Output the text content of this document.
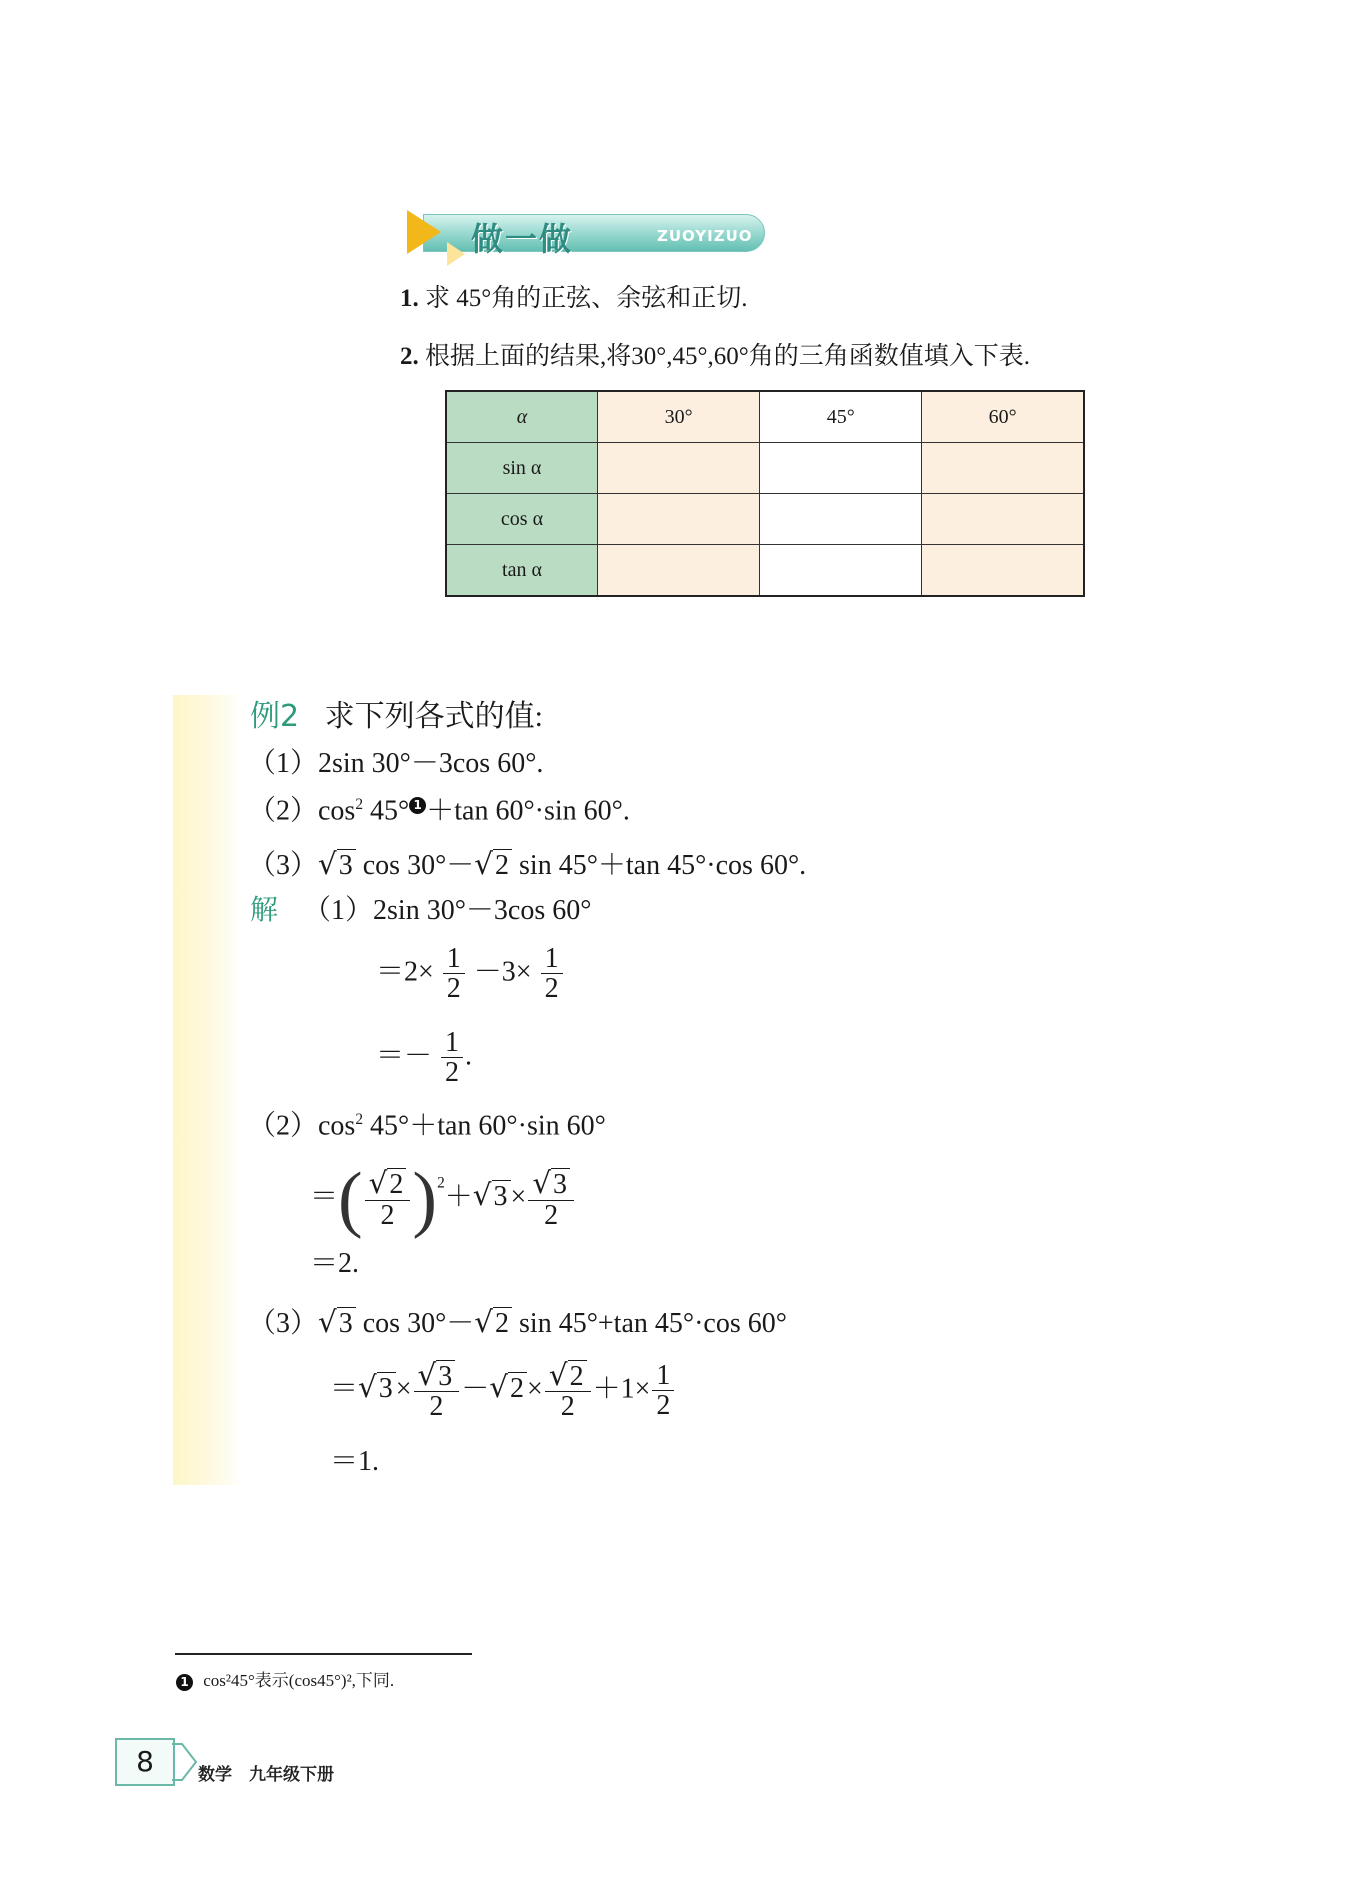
做一做	ZUOYIZUO
1. 求 45°角的正弦、余弦和正切.
2. 根据上面的结果,将30°,45°,60°角的三角函数值填入下表.
α	30°	45°	60°
sin α			
cos α			
tan α			
例2 求下列各式的值:
（1）2sin 30°－3cos 60°.
$(2)\cos^2$ 45° 1 ＋tan 60°·sin 60°.
（3）√3 cos 30°－√2 sin 45°＋tan 45°·cos 60°.
解 （1）2sin 30°－3cos 60°
$=2\times \frac{1}{2} -3\times \frac{1}{2}$
＝－ $\frac{1}{2}$ .
$(2)\cos^2$ 45°＋tan 60°·sin 60°
＝( $\frac{√2}{2} )^2+√3 \times \frac{√3}{2}$
＝2.
（3）√3 cos 30°－√2 sin 45°+tan 45°·cos 60°
$=√3 \times \frac{√3}{2} -√2 \times \frac{√2}{2} +1\times \frac{1}{2}$
＝1.
1 cos²45°表示(cos45°)²,下同.
8	数学　九年级下册
